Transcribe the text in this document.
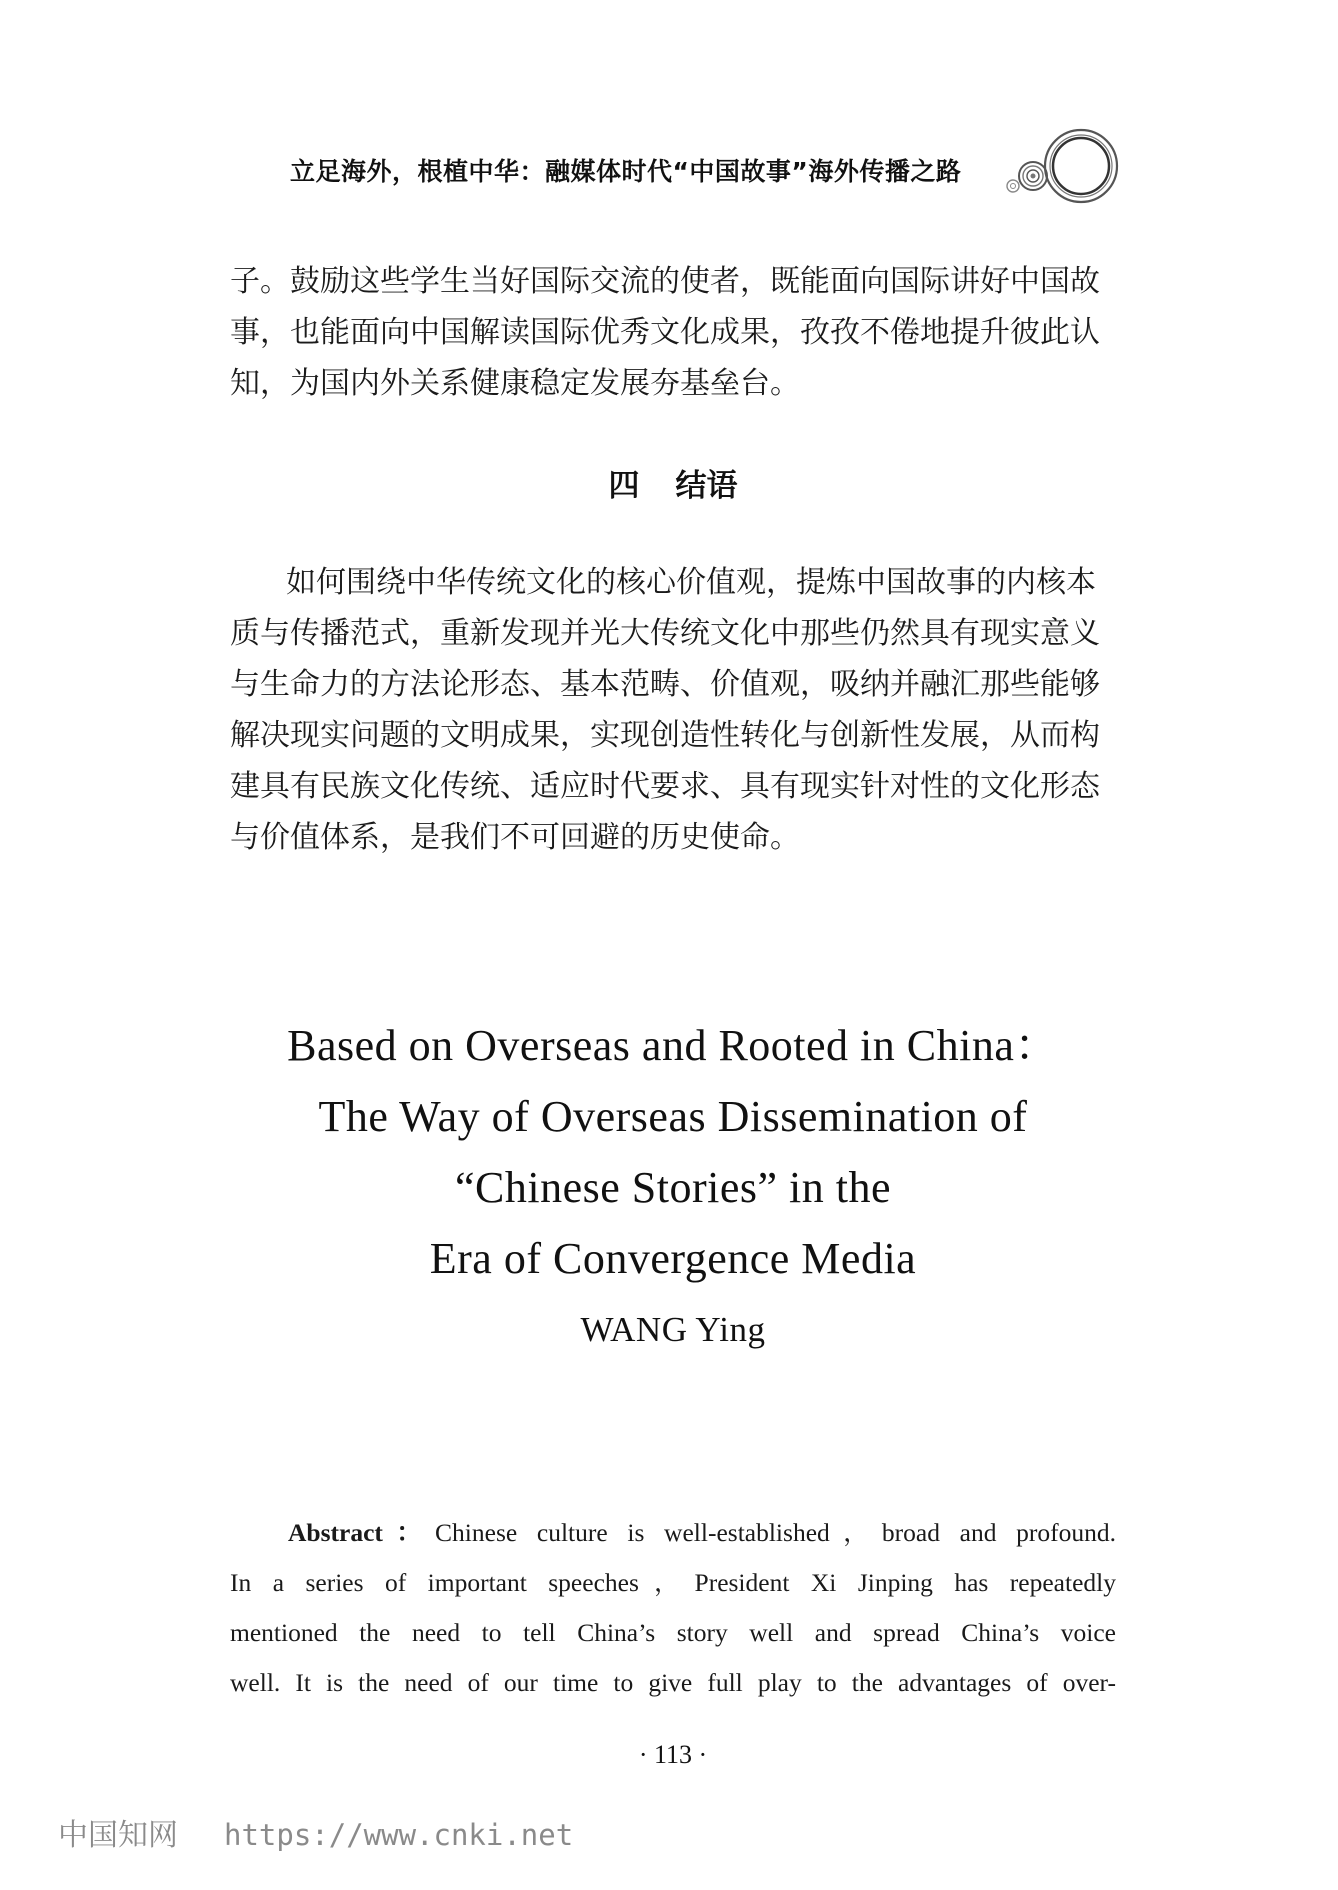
立足海外，根植中华：融媒体时代“中国故事”海外传播之路
子。鼓励这些学生当好国际交流的使者，既能面向国际讲好中国故
事，也能面向中国解读国际优秀文化成果，孜孜不倦地提升彼此认
知，为国内外关系健康稳定发展夯基垒台。
四 结语
如何围绕中华传统文化的核心价值观，提炼中国故事的内核本
质与传播范式，重新发现并光大传统文化中那些仍然具有现实意义
与生命力的方法论形态、基本范畴、价值观，吸纳并融汇那些能够
解决现实问题的文明成果，实现创造性转化与创新性发展，从而构
建具有民族文化传统、适应时代要求、具有现实针对性的文化形态
与价值体系，是我们不可回避的历史使命。
Based on Overseas and Rooted in China：
The Way of Overseas Dissemination of
“Chinese Stories” in the
Era of Convergence Media
WANG Ying
Abstract：Chinese culture is well-established，broad and profound.
In a series of important speeches，President Xi Jinping has repeatedly
mentioned the need to tell China’s story well and spread China’s voice
well. It is the need of our time to give full play to the advantages of over-
· 113 ·
中国知网 https://www.cnki.net
